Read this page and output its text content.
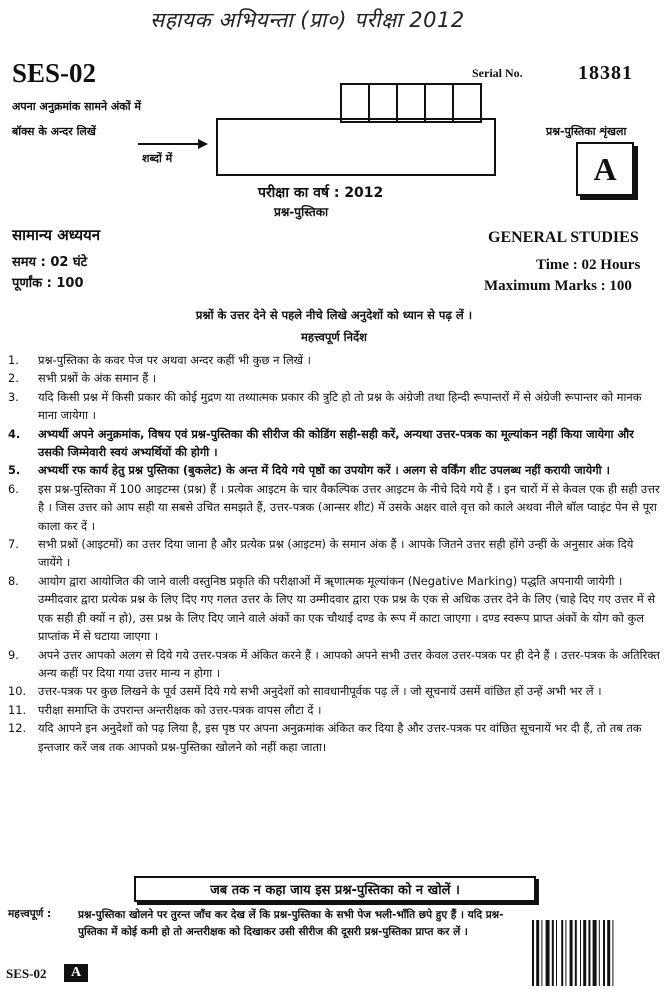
सहायक अभियन्ता (प्रा०) परीक्षा 2012
SES-02
अपना अनुक्रमांक सामने अंकों में
बॉक्स के अन्दर लिखें
शब्दों में
Serial No.	18381
प्रश्न-पुस्तिका शृंखला
A
परीक्षा का वर्ष : 2012
प्रश्न-पुस्तिका
सामान्य अध्ययन	GENERAL STUDIES
समय : 02 घंटे
पूर्णांक : 100
Time : 02 Hours
Maximum Marks : 100
प्रश्नों के उत्तर देने से पहले नीचे लिखे अनुदेशों को ध्यान से पढ़ लें ।
महत्त्वपूर्ण निर्देश
1.	प्रश्न-पुस्तिका के कवर पेज पर अथवा अन्दर कहीं भी कुछ न लिखें ।
2.	सभी प्रश्नों के अंक समान हैं ।
3.	यदि किसी प्रश्न में किसी प्रकार की कोई मुद्रण या तथ्यात्मक प्रकार की त्रुटि हो तो प्रश्न के अंग्रेजी तथा हिन्दी रूपान्तरों में से अंग्रेजी रूपान्तर को मानक माना जायेगा ।
4.	अभ्यर्थी अपने अनुक्रमांक, विषय एवं प्रश्न-पुस्तिका की सीरीज की कोडिंग सही-सही करें, अन्यथा उत्तर-पत्रक का मूल्यांकन नहीं किया जायेगा और उसकी जिम्मेवारी स्वयं अभ्यर्थियों की होगी ।
5.	अभ्यर्थी रफ कार्य हेतु प्रश्न पुस्तिका (बुकलेट) के अन्त में दिये गये पृष्ठों का उपयोग करें । अलग से वर्किंग शीट उपलब्ध नहीं करायी जायेगी ।
6.	इस प्रश्न-पुस्तिका में 100 आइटम्स (प्रश्न) हैं । प्रत्येक आइटम के चार वैकल्पिक उत्तर आइटम के नीचे दिये गये हैं । इन चारों में से केवल एक ही सही उत्तर है । जिस उत्तर को आप सही या सबसे उचित समझते हैं, उत्तर-पत्रक (आन्सर शीट) में उसके अक्षर वाले वृत्त को काले अथवा नीले बॉल प्वाइंट पेन से पूरा काला कर दें ।
7.	सभी प्रश्नों (आइटमों) का उत्तर दिया जाना है और प्रत्येक प्रश्न (आइटम) के समान अंक हैं । आपके जितने उत्तर सही होंगे उन्हीं के अनुसार अंक दिये जायेंगे ।
8.	आयोग द्वारा आयोजित की जाने वाली वस्तुनिष्ठ प्रकृति की परीक्षाओं में ॠणात्मक मूल्यांकन (Negative Marking) पद्धति अपनायी जायेगी । उम्मीदवार द्वारा प्रत्येक प्रश्न के लिए दिए गए गलत उत्तर के लिए या उम्मीदवार द्वारा एक प्रश्न के एक से अधिक उत्तर देने के लिए (चाहे दिए गए उत्तर में से एक सही ही क्यों न हो), उस प्रश्न के लिए दिए जाने वाले अंकों का एक चौथाई दण्ड के रूप में काटा जाएगा । दण्ड स्वरूप प्राप्त अंकों के योग को कुल प्राप्तांक में से घटाया जाएगा ।
9.	अपने उत्तर आपको अलग से दिये गये उत्तर-पत्रक में अंकित करने हैं । आपको अपने सभी उत्तर केवल उत्तर-पत्रक पर ही देने हैं । उत्तर-पत्रक के अतिरिक्त अन्य कहीं पर दिया गया उत्तर मान्य न होगा ।
10.	उत्तर-पत्रक पर कुछ लिखने के पूर्व उसमें दिये गये सभी अनुदेशों को सावधानीपूर्वक पढ़ लें । जो सूचनायें उसमें वांछित हों उन्हें अभी भर लें ।
11.	परीक्षा समाप्ति के उपरान्त अन्तरीक्षक को उत्तर-पत्रक वापस लौटा दें ।
12.	यदि आपने इन अनुदेशों को पढ़ लिया है, इस पृष्ठ पर अपना अनुक्रमांक अंकित कर दिया है और उत्तर-पत्रक पर वांछित सूचनायें भर दी हैं, तो तब तक इन्तजार करें जब तक आपको प्रश्न-पुस्तिका खोलने को नहीं कहा जाता।
जब तक न कहा जाय इस प्रश्न-पुस्तिका को न खोलें ।
महत्त्वपूर्ण :	प्रश्न-पुस्तिका खोलने पर तुरन्त जाँच कर देख लें कि प्रश्न-पुस्तिका के सभी पेज भली-भाँति छपे हुए हैं । यदि प्रश्न-पुस्तिका में कोई कमी हो तो अन्तरीक्षक को दिखाकर उसी सीरीज की दूसरी प्रश्न-पुस्तिका प्राप्त कर लें ।
SES-02	A
